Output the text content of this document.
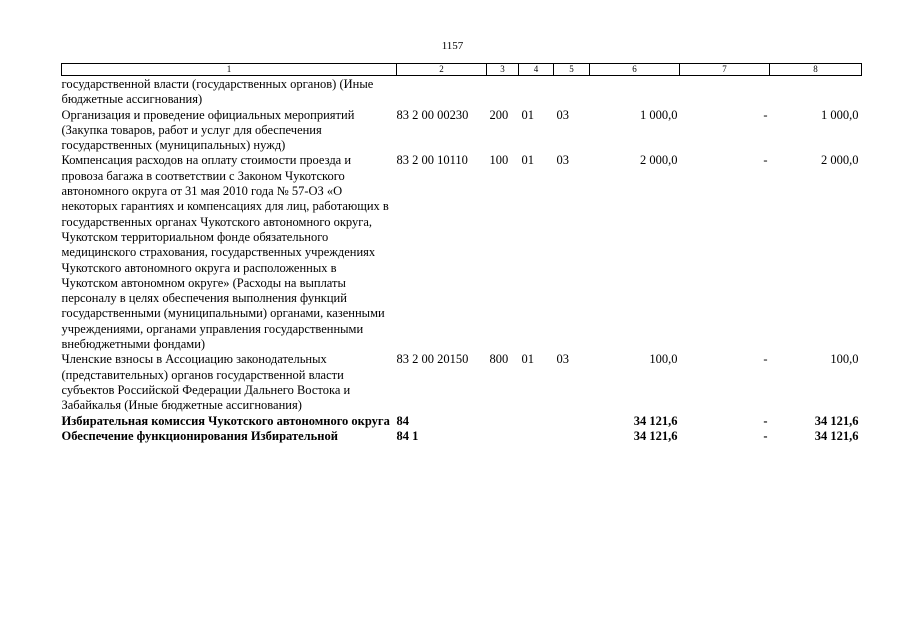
1157
1	2	3	4	5	6	7	8
государственной власти (государственных органов) (Иные бюджетные ассигнования)							
Организация и проведение официальных мероприятий (Закупка товаров, работ и услуг для обеспечения государственных (муниципальных) нужд)	83 2 00 00230	200	01	03	1 000,0	-	1 000,0
Компенсация расходов на оплату стоимости проезда и провоза багажа в соответствии с Законом Чукотского автономного округа от 31 мая 2010 года № 57-ОЗ «О некоторых гарантиях и компенсациях для лиц, работающих в государственных органах Чукотского автономного округа, Чукотском территориальном фонде обязательного медицинского страхования, государственных учреждениях Чукотского автономного округа и расположенных в Чукотском автономном округе» (Расходы на выплаты персоналу в целях обеспечения выполнения функций государственными (муниципальными) органами, казенными учреждениями, органами управления государственными внебюджетными фондами)	83 2 00 10110	100	01	03	2 000,0	-	2 000,0
Членские взносы в Ассоциацию законодательных (представительных) органов государственной власти субъектов Российской Федерации Дальнего Востока и Забайкалья (Иные бюджетные ассигнования)	83 2 00 20150	800	01	03	100,0	-	100,0
Избирательная комиссия Чукотского автономного округа	84				34 121,6	-	34 121,6
Обеспечение функционирования Избирательной	84 1				34 121,6	-	34 121,6
